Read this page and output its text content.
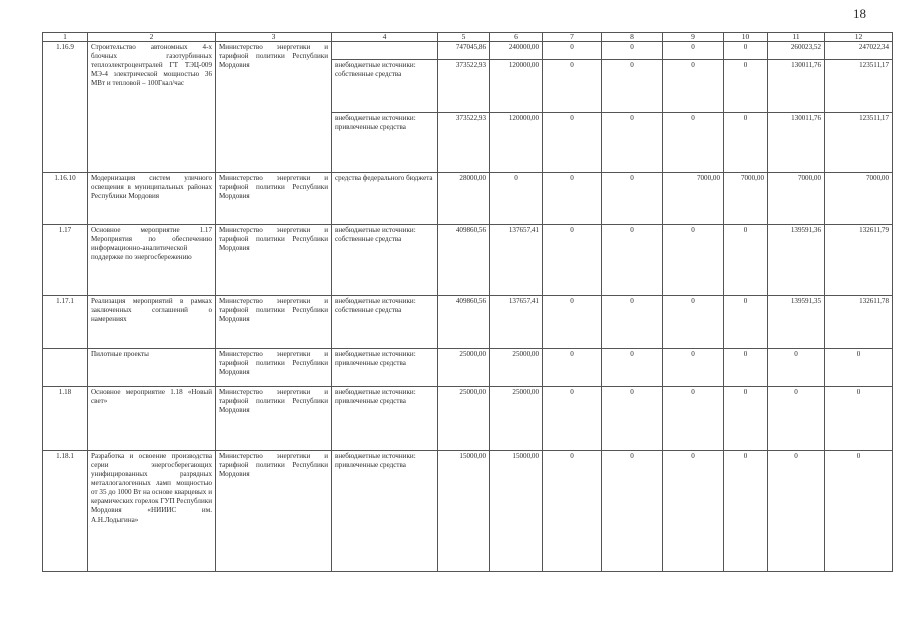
18
1	2	3	4	5	6	7	8	9	10	11	12
1.16.9	Строительство автономных 4-х блочных газотурбинных теплоэлектроцентралей ГТ ТЭЦ-009 МЭ-4 электрической мощностью 36 МВт и тепловой – 100Гкал/час	Министерство энергетики и тарифной политики Республики Мордовия		747045,86	240000,00	0	0	0	0	260023,52	247022,34
			внебюджетные источники: собственные средства	373522,93	120000,00	0	0	0	0	130011,76	123511,17
			внебюджетные источники: привлеченные средства	373522,93	120000,00	0	0	0	0	130011,76	123511,17
1.16.10	Модернизация систем уличного освещения в муниципальных районах Республики Мордовия	Министерство энергетики и тарифной политики Республики Мордовия	средства федерального бюджета	28000,00	0	0	0	7000,00	7000,00	7000,00	7000,00
1.17	Основное мероприятие 1.17 Мероприятия по обеспечению информационно-аналитической поддержке по энергосбережению	Министерство энергетики и тарифной политики Республики Мордовия	внебюджетные источники: собственные средства	409860,56	137657,41	0	0	0	0	139591,36	132611,79
1.17.1	Реализация мероприятий в рамках заключенных соглашений о намерениях	Министерство энергетики и тарифной политики Республики Мордовия	внебюджетные источники: собственные средства	409860,56	137657,41	0	0	0	0	139591,35	132611,78
	Пилотные проекты	Министерство энергетики и тарифной политики Республики Мордовия	внебюджетные источники: привлеченные средства	25000,00	25000,00	0	0	0	0	0	0
1.18	Основное мероприятие 1.18 «Новый свет»	Министерство энергетики и тарифной политики Республики Мордовия	внебюджетные источники: привлеченные средства	25000,00	25000,00	0	0	0	0	0	0
1.18.1	Разработка и освоение производства серии энергосберегающих унифицированных разрядных металлогалогенных ламп мощностью от 35 до 1000 Вт на основе кварцевых и керамических горелок ГУП Республики Мордовия «НИИИС им. А.Н.Лодыгина»	Министерство энергетики и тарифной политики Республики Мордовия	внебюджетные источники: привлеченные средства	15000,00	15000,00	0	0	0	0	0	0
